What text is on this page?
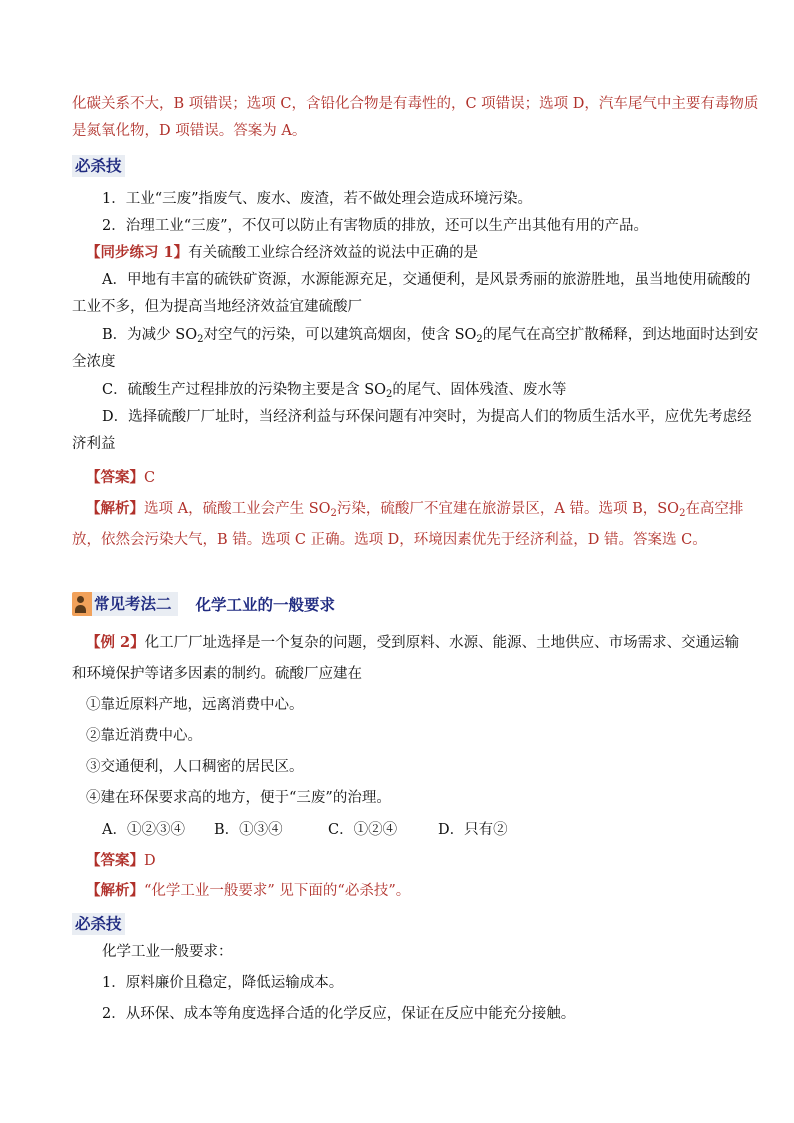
化碳关系不大，B 项错误；选项 C，含铅化合物是有毒性的，C 项错误；选项 D，汽车尾气中主要有毒物质
是氮氧化物，D 项错误。答案为 A。
必杀技
1．工业“三废”指废气、废水、废渣，若不做处理会造成环境污染。
2．治理工业“三废”，不仅可以防止有害物质的排放，还可以生产出其他有用的产品。
【同步练习 1】有关硫酸工业综合经济效益的说法中正确的是
A．甲地有丰富的硫铁矿资源，水源能源充足，交通便利，是风景秀丽的旅游胜地，虽当地使用硫酸的
工业不多，但为提高当地经济效益宜建硫酸厂
B．为减少 $SO_2$对空气的污染，可以建筑高烟囱，使含 $SO_2$的尾气在高空扩散稀释，到达地面时达到安
全浓度
C．硫酸生产过程排放的污染物主要是含 $SO_2$的尾气、固体残渣、废水等
D．选择硫酸厂厂址时，当经济利益与环保问题有冲突时，为提高人们的物质生活水平，应优先考虑经
济利益
【答案】C
【解析】选项 A，硫酸工业会产生 $SO_2$污染，硫酸厂不宜建在旅游景区，A 错。选项 B，$SO_2$在高空排
放，依然会污染大气，B 错。选项 C 正确。选项 D，环境因素优先于经济利益，D 错。答案选 C。
常见考法二	化学工业的一般要求
【例 2】化工厂厂址选择是一个复杂的问题，受到原料、水源、能源、土地供应、市场需求、交通运输
和环境保护等诸多因素的制约。硫酸厂应建在
①靠近原料产地，远离消费中心。
②靠近消费中心。
③交通便利，人口稠密的居民区。
④建在环保要求高的地方，便于“三废”的治理。
A．①②③④ B．①③④	C．①②④	D．只有②
【答案】D
【解析】“化学工业一般要求” 见下面的“必杀技”。
必杀技
化学工业一般要求：
1．原料廉价且稳定，降低运输成本。
2．从环保、成本等角度选择合适的化学反应，保证在反应中能充分接触。
